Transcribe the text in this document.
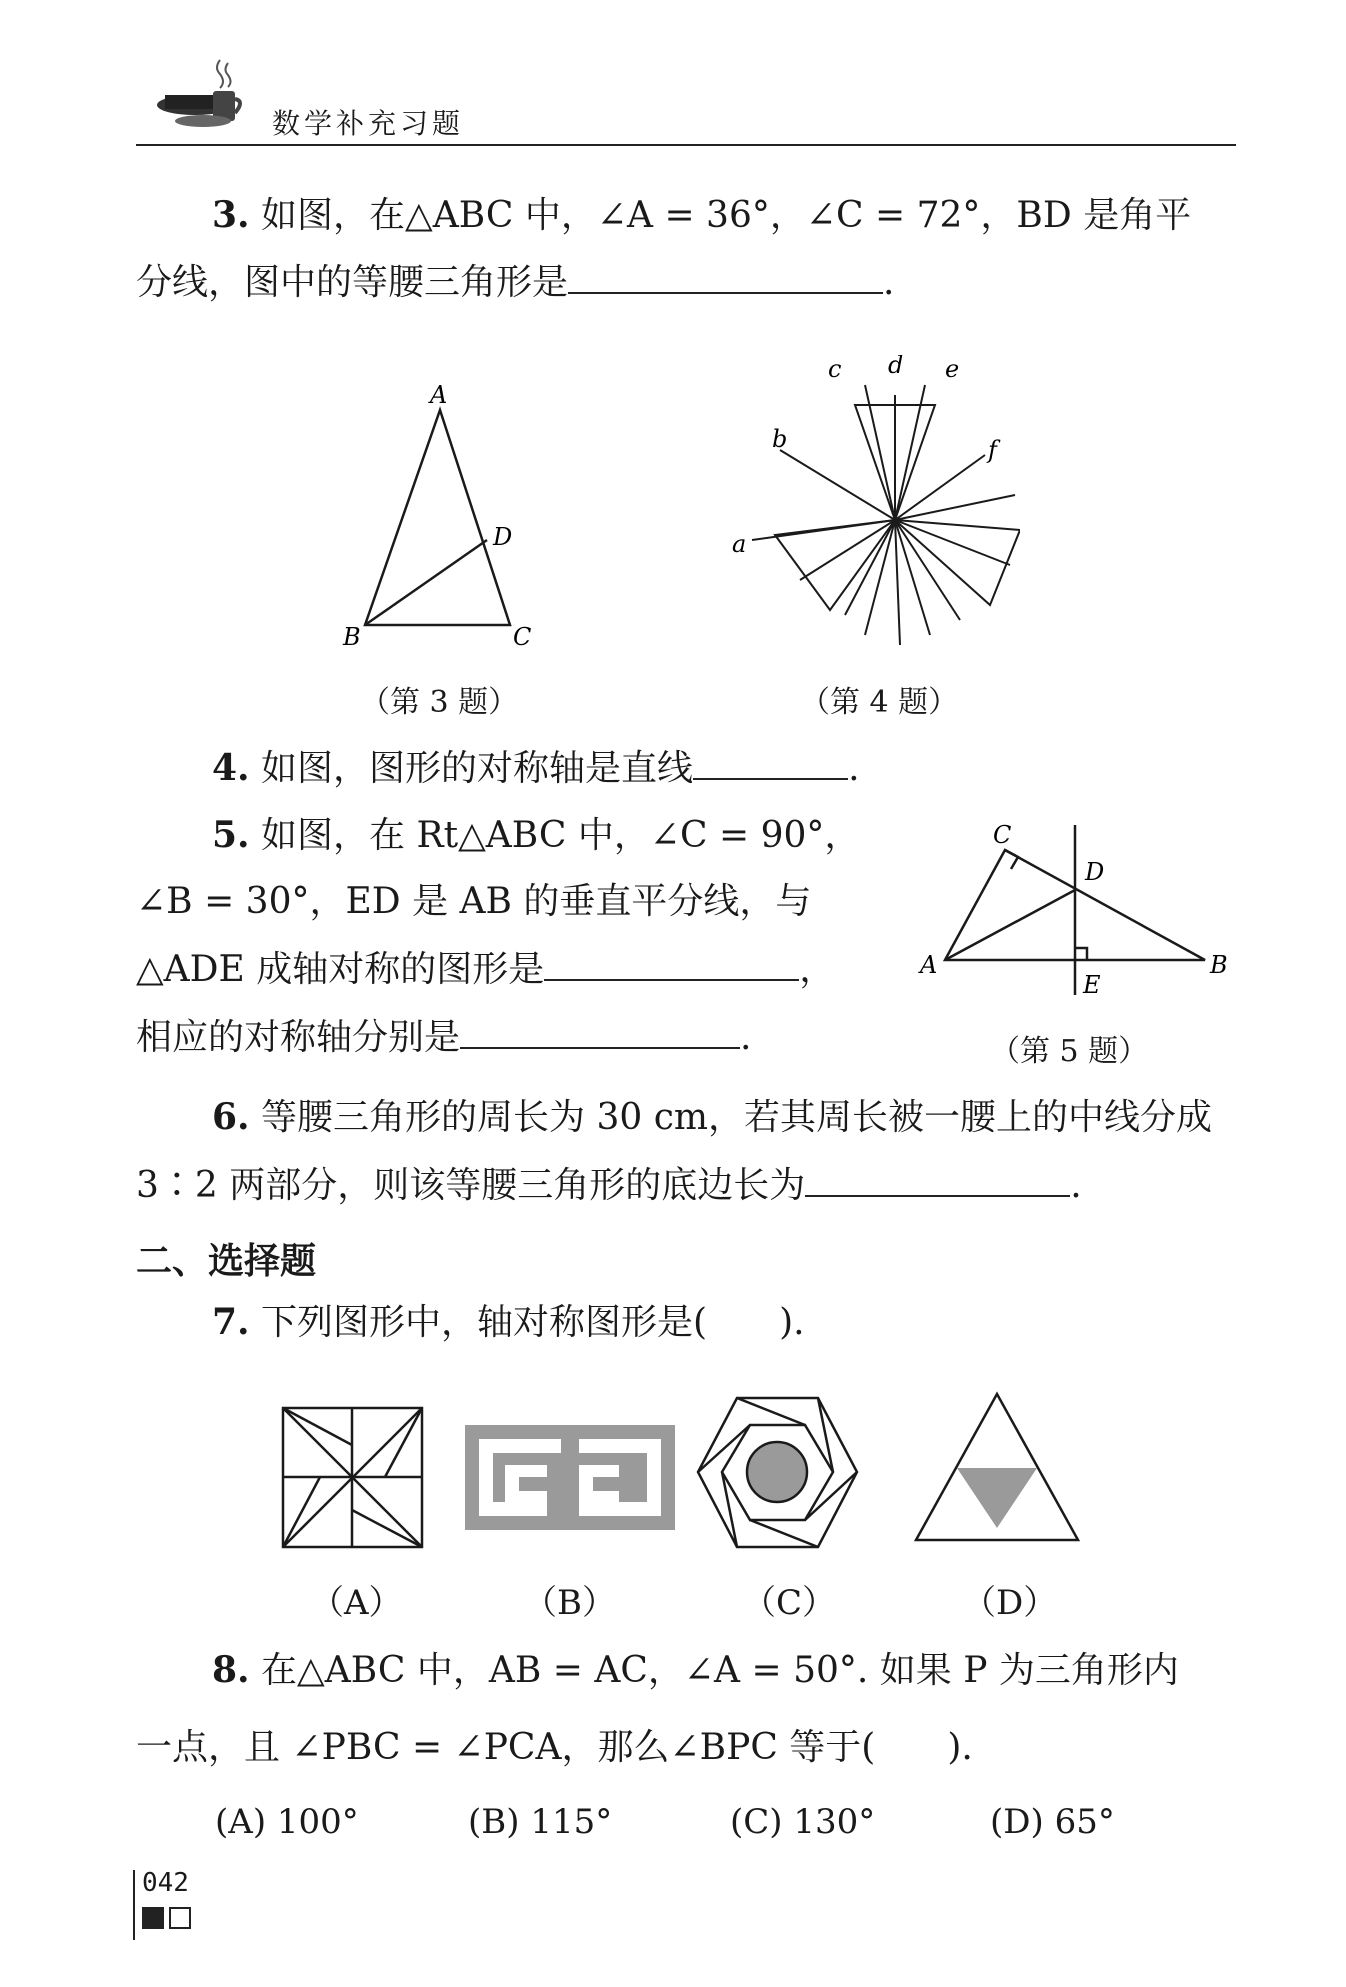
数学补充习题
3. 如图，在△ABC 中，∠A = 36°，∠C = 72°，BD 是角平
分线，图中的等腰三角形是	.
A
B	C
D
（第 3 题）
c d e
b	f
a
（第 4 题）
4. 如图，图形的对称轴是直线	.
5. 如图，在 Rt△ABC 中，∠C = 90°，
∠B = 30°，ED 是 AB 的垂直平分线，与
△ADE 成轴对称的图形是	，
相应的对称轴分别是	.
C
D
A	B
E
（第 5 题）
6. 等腰三角形的周长为 30 cm，若其周长被一腰上的中线分成
3∶2 两部分，则该等腰三角形的底边长为	.
二、选择题
7. 下列图形中，轴对称图形是(　　).
（A）	（B）	（C）	（D）
8. 在△ABC 中，AB = AC，∠A = 50°. 如果 P 为三角形内
一点，且 ∠PBC = ∠PCA，那么∠BPC 等于(　　).
(A) 100°	(B) 115°	(C) 130°	(D) 65°
042
